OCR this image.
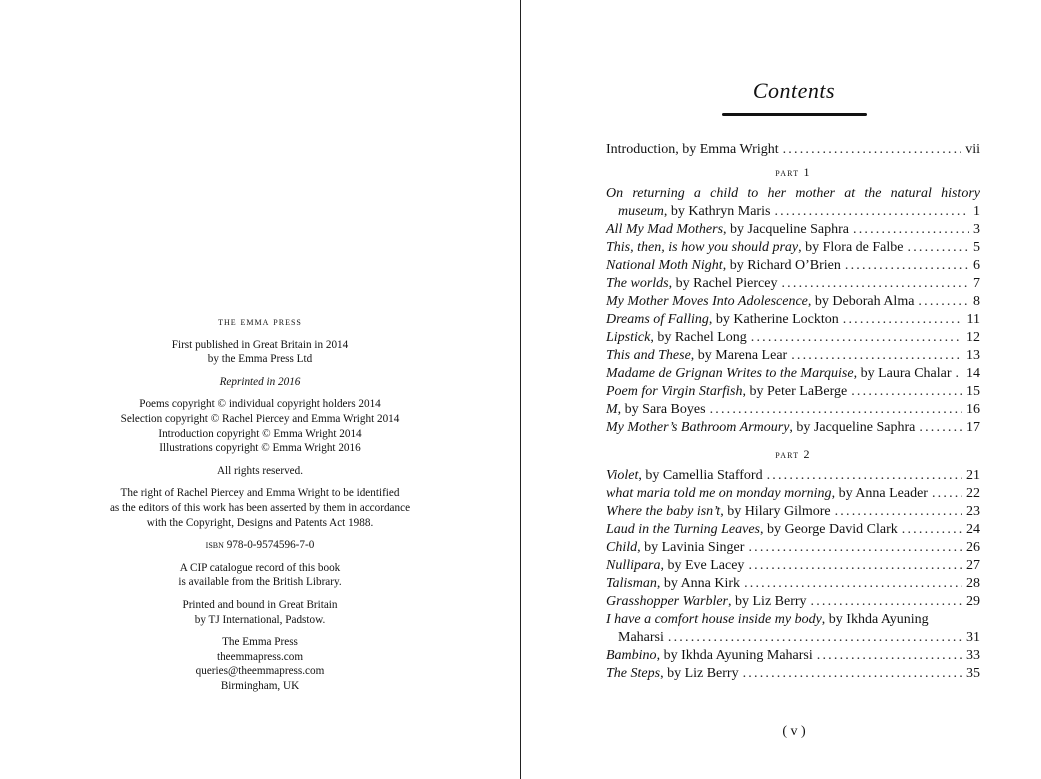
the emma press

First published in Great Britain in 2014
by the Emma Press Ltd

Reprinted in 2016

Poems copyright © individual copyright holders 2014
Selection copyright © Rachel Piercey and Emma Wright 2014
Introduction copyright © Emma Wright 2014
Illustrations copyright © Emma Wright 2016

All rights reserved.

The right of Rachel Piercey and Emma Wright to be identified
as the editors of this work has been asserted by them in accordance
with the Copyright, Designs and Patents Act 1988.

isbn 978-0-9574596-7-0

A CIP catalogue record of this book
is available from the British Library.

Printed and bound in Great Britain
by TJ International, Padstow.

The Emma Press
theemmapress.com
queries@theemmapress.com
Birmingham, UK

Contents
Introduction, by Emma Wright .....	vii
part 1
On returning a child to her mother at the natural history
museum, by Kathryn Maris .....	1
All My Mad Mothers, by Jacqueline Saphra .....	3
This, then, is how you should pray, by Flora de Falbe .....	5
National Moth Night, by Richard O’Brien .....	6
The worlds, by Rachel Piercey .....	7
My Mother Moves Into Adolescence, by Deborah Alma .....	8
Dreams of Falling, by Katherine Lockton .....	11
Lipstick, by Rachel Long .....	12
This and These, by Marena Lear .....	13
Madame de Grignan Writes to the Marquise, by Laura Chalar ..... 14
Poem for Virgin Starfish, by Peter LaBerge .....	15
M, by Sara Boyes .....	16
My Mother’s Bathroom Armoury, by Jacqueline Saphra .....	17
part 2
Violet, by Camellia Stafford .....	21
what maria told me on monday morning, by Anna Leader .....	22
Where the baby isn’t, by Hilary Gilmore .....	23
Laud in the Turning Leaves, by George David Clark .....	24
Child, by Lavinia Singer .....	26
Nullipara, by Eve Lacey .....	27
Talisman, by Anna Kirk .....	28
Grasshopper Warbler, by Liz Berry .....	29
I have a comfort house inside my body, by Ikhda Ayuning
Maharsi .....	31
Bambino, by Ikhda Ayuning Maharsi .....	33
The Steps, by Liz Berry .....	35
( v )
